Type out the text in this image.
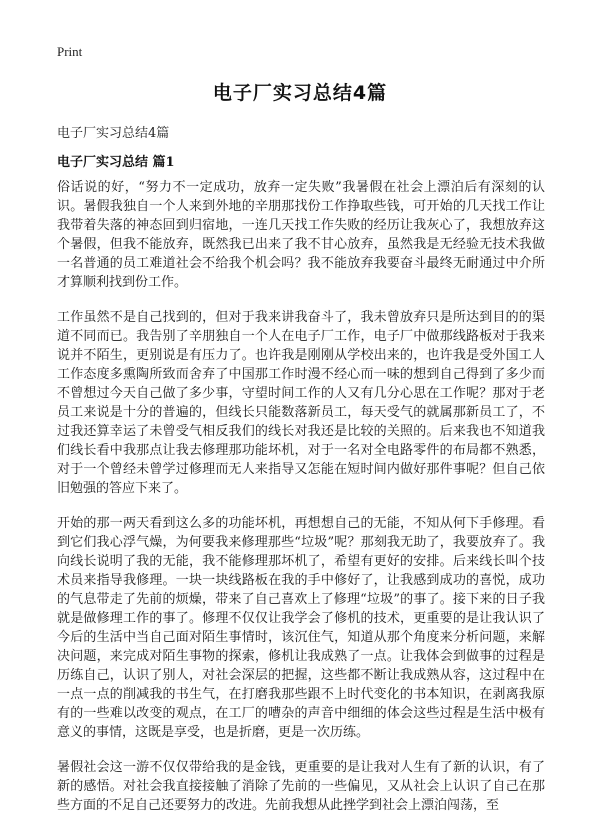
Print
电子厂实习总结4篇
电子厂实习总结4篇
电子厂实习总结 篇1

俗话说的好，“努力不一定成功，放弃一定失败”我暑假在社会上漂泊后有深刻的认识。暑假我独自一个人来到外地的辛朋那找份工作挣取些钱，可开始的几天找工作让我带着失落的神态回到归宿地，一连几天找工作失败的经历让我灰心了，我想放弃这个暑假，但我不能放弃，既然我已出来了我不甘心放弃，虽然我是无经验无技术我做一名普通的员工难道社会不给我个机会吗？我不能放弃我要奋斗最终无耐通过中介所才算顺利找到份工作。

工作虽然不是自己找到的，但对于我来讲我奋斗了，我未曾放弃只是所达到目的的渠道不同而已。我告别了辛朋独自一个人在电子厂工作，电子厂中做那线路板对于我来说并不陌生，更别说是有压力了。也许我是刚刚从学校出来的，也许我是受外国工人工作态度多熏陶所致而舍弃了中国那工作时漫不经心而一味的想到自己得到了多少而不曾想过今天自己做了多少事，守望时间工作的人又有几分心思在工作呢？那对于老员工来说是十分的普遍的，但线长只能数落新员工，每天受气的就属那新员工了，不过我还算幸运了未曾受气相反我们的线长对我还是比较的关照的。后来我也不知道我们线长看中我那点让我去修理那功能坏机，对于一名对全电路零件的布局都不熟悉，对于一个曾经未曾学过修理而无人来指导又怎能在短时间内做好那件事呢？但自己依旧勉强的答应下来了。

开始的那一两天看到这么多的功能坏机，再想想自己的无能，不知从何下手修理。看到它们我心浮气燥，为何要我来修理那些“垃圾”呢？那刻我无助了，我要放弃了。我向线长说明了我的无能，我不能修理那坏机了，希望有更好的安排。后来线长叫个技术员来指导我修理。一块一块线路板在我的手中修好了，让我感到成功的喜悦，成功的气息带走了先前的烦燥，带来了自己喜欢上了修理“垃圾”的事了。接下来的日子我就是做修理工作的事了。修理不仅仅让我学会了修机的技术，更重要的是让我认识了今后的生活中当自己面对陌生事情时，该沉住气，知道从那个角度来分析问题，来解决问题，来完成对陌生事物的探索，修机让我成熟了一点。让我体会到做事的过程是历练自己，认识了别人，对社会深层的把握，这些都不断让我成熟从容，这过程中在一点一点的削减我的书生气，在打磨我那些跟不上时代变化的书本知识，在剥离我原有的一些难以改变的观点，在工厂的嘈杂的声音中细细的体会这些过程是生活中极有意义的事情，这既是享受，也是折磨，更是一次历练。

暑假社会这一游不仅仅带给我的是金钱，更重要的是让我对人生有了新的认识，有了新的感悟。对社会我直接接触了消除了先前的一些偏见，又从社会上认识了自己在那些方面的不足自己还要努力的改进。先前我想从此挫学到社会上漂泊闯荡，至
